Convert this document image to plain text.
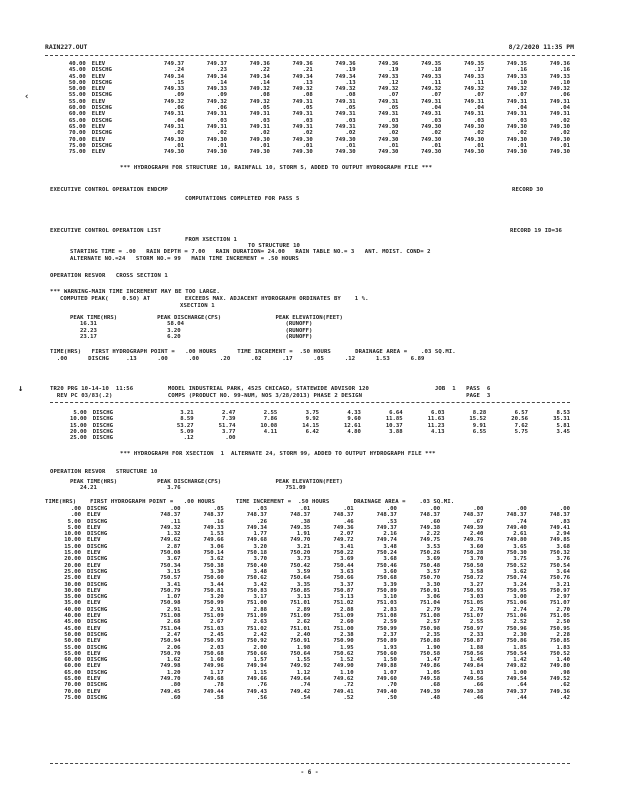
RAIN227.OUT	8/2/2020 11:35 PM
40.00	ELEV	749.37	749.37	749.36	749.36	749.36	749.36	749.35	749.35	749.35	749.36
45.00	DISCHG	.24	.23	.22	.21	.19	.19	.18	.17	.16	.16
45.00	ELEV	749.34	749.34	749.34	749.34	749.34	749.33	749.33	749.33	749.33	749.33
50.00	DISCHG	.15	.14	.14	.13	.13	.12	.11	.11	.10	.10
50.00	ELEV	749.33	749.33	749.32	749.32	749.32	749.32	749.32	749.32	749.32	749.32
55.00	DISCHG	.09	.09	.08	.08	.08	.07	.07	.07	.07	.06
55.00	ELEV	749.32	749.32	749.32	749.31	749.31	749.31	749.31	749.31	749.31	749.31
60.00	DISCHG	.06	.06	.05	.05	.05	.05	.04	.04	.04	.04
60.00	ELEV	749.31	749.31	749.31	749.31	749.31	749.31	749.31	749.31	749.31	749.31
65.00	DISCHG	.04	.03	.03	.03	.03	.03	.03	.03	.03	.02
65.00	ELEV	749.31	749.31	749.31	749.31	749.31	749.30	749.30	749.30	749.30	749.30
70.00	DISCHG	.02	.02	.02	.02	.02	.02	.02	.02	.02	.02
70.00	ELEV	749.30	749.30	749.30	749.30	749.30	749.30	749.30	749.30	749.30	749.30
75.00	DISCHG	.01	.01	.01	.01	.01	.01	.01	.01	.01	.01
75.00	ELEV	749.30	749.30	749.30	749.30	749.30	749.30	749.30	749.30	749.30	749.30
‹
*** HYDROGRAPH FOR STRUCTURE 10, RAINFALL 10, STORM 5, ADDED TO OUTPUT HYDROGRAPH FILE ***
EXECUTIVE CONTROL OPERATION ENDCMP	RECORD 30
COMPUTATIONS COMPLETED FOR PASS 5
EXECUTIVE CONTROL OPERATION LIST	RECORD 19 ID=36
FROM XSECTION 1
TO STRUCTURE 10
STARTING TIME = .00   RAIN DEPTH = 7.00   RAIN DURATION= 24.00   RAIN TABLE NO.= 3   ANT. MOIST. COND= 2
ALTERNATE NO.=24   STORM NO.= 99   MAIN TIME INCREMENT = .50 HOURS
OPERATION RESVOR   CROSS SECTION 1
*** WARNING-MAIN TIME INCREMENT MAY BE TOO LARGE.
COMPUTED PEAK(    0.50) AT          EXCEEDS MAX. ADJACENT HYDROGRAPH ORDINATES BY    1 %.
XSECTION 1
PEAK TIME(HRS)	PEAK DISCHARGE(CFS)	PEAK ELEVATION(FEET)
16.31	58.04	(RUNOFF)
22.23	3.20	(RUNOFF)
23.17	6.20	(RUNOFF)
TIME(HRS)   FIRST HYDROGRAPH POINT =   .00 HOURS      TIME INCREMENT =  .50 HOURS       DRAINAGE AREA =    .03 SQ.MI.
.00      DISCHG     .13      .00      .00      .20      .02      .17      .05      .12      1.53      6.89
↓	TR20 PRG 10-14-10  11:56          MODEL INDUSTRIAL PARK, 4525 CHICAGO, STATEWIDE ADVISOR 120                   JOB  1   PASS  6
REV PC 03/83(.2)                COMPS (PRODUCT NO. 99-NUM, NOS 3/28/2013) PHASE 2 DESIGN                              PAGE  3
5.00	DISCHG	3.21	2.47	2.55	3.75	4.33	6.64	6.03	8.28	6.57	8.53
10.00	DISCHG	8.59	7.39	7.86	9.92	9.60	11.85	11.63	15.52	20.56	35.31
15.00	DISCHG	53.27	51.74	10.08	14.15	12.61	10.37	11.23	9.91	7.62	5.81
20.00	DISCHG	5.09	3.77	4.11	6.42	4.80	3.88	4.13	6.55	5.75	3.45
25.00	DISCHG	.12	.00								
*** HYDROGRAPH FOR XSECTION  1  ALTERNATE 24, STORM 99, ADDED TO OUTPUT HYDROGRAPH FILE ***
OPERATION RESVOR   STRUCTURE 10
PEAK TIME(HRS)	PEAK DISCHARGE(CFS)	PEAK ELEVATION(FEET)
24.21	3.76	751.09
TIME(HRS)    FIRST HYDROGRAPH POINT =   .00 HOURS      TIME INCREMENT =  .50 HOURS       DRAINAGE AREA =    .03 SQ.MI.
.00	DISCHG	.00	.05	.03	.01	.01	.00	.00	.00	.00	.00
.00	ELEV	748.37	748.37	748.37	748.37	748.37	748.37	748.37	748.37	748.37	748.37
5.00	DISCHG	.11	.16	.26	.38	.46	.53	.60	.67	.74	.83
5.00	ELEV	749.32	749.33	749.34	749.35	749.36	749.37	749.38	749.39	749.40	749.41
10.00	DISCHG	1.32	1.53	1.77	1.91	2.07	2.16	2.22	2.40	2.61	2.94
10.00	ELEV	749.62	749.66	749.68	749.70	749.72	749.74	749.75	749.76	749.80	749.85
15.00	DISCHG	2.87	3.06	3.20	3.21	3.41	3.48	3.53	3.60	3.65	3.68
15.00	ELEV	750.08	750.14	750.18	750.20	750.22	750.24	750.26	750.28	750.30	750.32
20.00	DISCHG	3.67	3.62	3.70	3.73	3.69	3.68	3.69	3.70	3.75	3.76
20.00	ELEV	750.34	750.38	750.40	750.42	750.44	750.46	750.48	750.50	750.52	750.54
25.00	DISCHG	3.15	3.30	3.48	3.59	3.63	3.60	3.57	3.58	3.62	3.64
25.00	ELEV	750.57	750.60	750.62	750.64	750.66	750.68	750.70	750.72	750.74	750.76
30.00	DISCHG	3.41	3.44	3.42	3.35	3.37	3.39	3.30	3.27	3.24	3.21
30.00	ELEV	750.79	750.81	750.83	750.85	750.87	750.89	750.91	750.93	750.95	750.97
35.00	DISCHG	1.07	3.20	3.17	3.13	3.13	3.10	3.06	3.03	3.00	2.97
35.00	ELEV	750.98	750.99	751.00	751.01	751.02	751.03	751.04	751.05	751.06	751.07
40.00	DISCHG	2.91	2.91	2.88	2.89	2.88	2.83	2.79	2.76	2.74	2.70
40.00	ELEV	751.08	751.09	751.09	751.09	751.09	751.08	751.08	751.07	751.06	751.05
45.00	DISCHG	2.68	2.67	2.63	2.62	2.60	2.59	2.57	2.55	2.52	2.50
45.00	ELEV	751.04	751.03	751.02	751.01	751.00	750.99	750.98	750.97	750.96	750.95
50.00	DISCHG	2.47	2.45	2.42	2.40	2.38	2.37	2.35	2.33	2.30	2.28
50.00	ELEV	750.94	750.93	750.92	750.91	750.90	750.89	750.88	750.87	750.86	750.85
55.00	DISCHG	2.06	2.03	2.00	1.98	1.95	1.93	1.90	1.88	1.85	1.83
55.00	ELEV	750.70	750.68	750.66	750.64	750.62	750.60	750.58	750.56	750.54	750.52
60.00	DISCHG	1.62	1.60	1.57	1.55	1.52	1.50	1.47	1.45	1.42	1.40
60.00	ELEV	749.98	749.96	749.94	749.92	749.90	749.88	749.86	749.84	749.82	749.80
65.00	DISCHG	1.20	1.17	1.15	1.12	1.10	1.07	1.05	1.03	1.00	.98
65.00	ELEV	749.70	749.68	749.66	749.64	749.62	749.60	749.58	749.56	749.54	749.52
70.00	DISCHG	.80	.78	.76	.74	.72	.70	.68	.66	.64	.62
70.00	ELEV	749.45	749.44	749.43	749.42	749.41	749.40	749.39	749.38	749.37	749.36
75.00	DISCHG	.60	.58	.56	.54	.52	.50	.48	.46	.44	.42
- 6 -
